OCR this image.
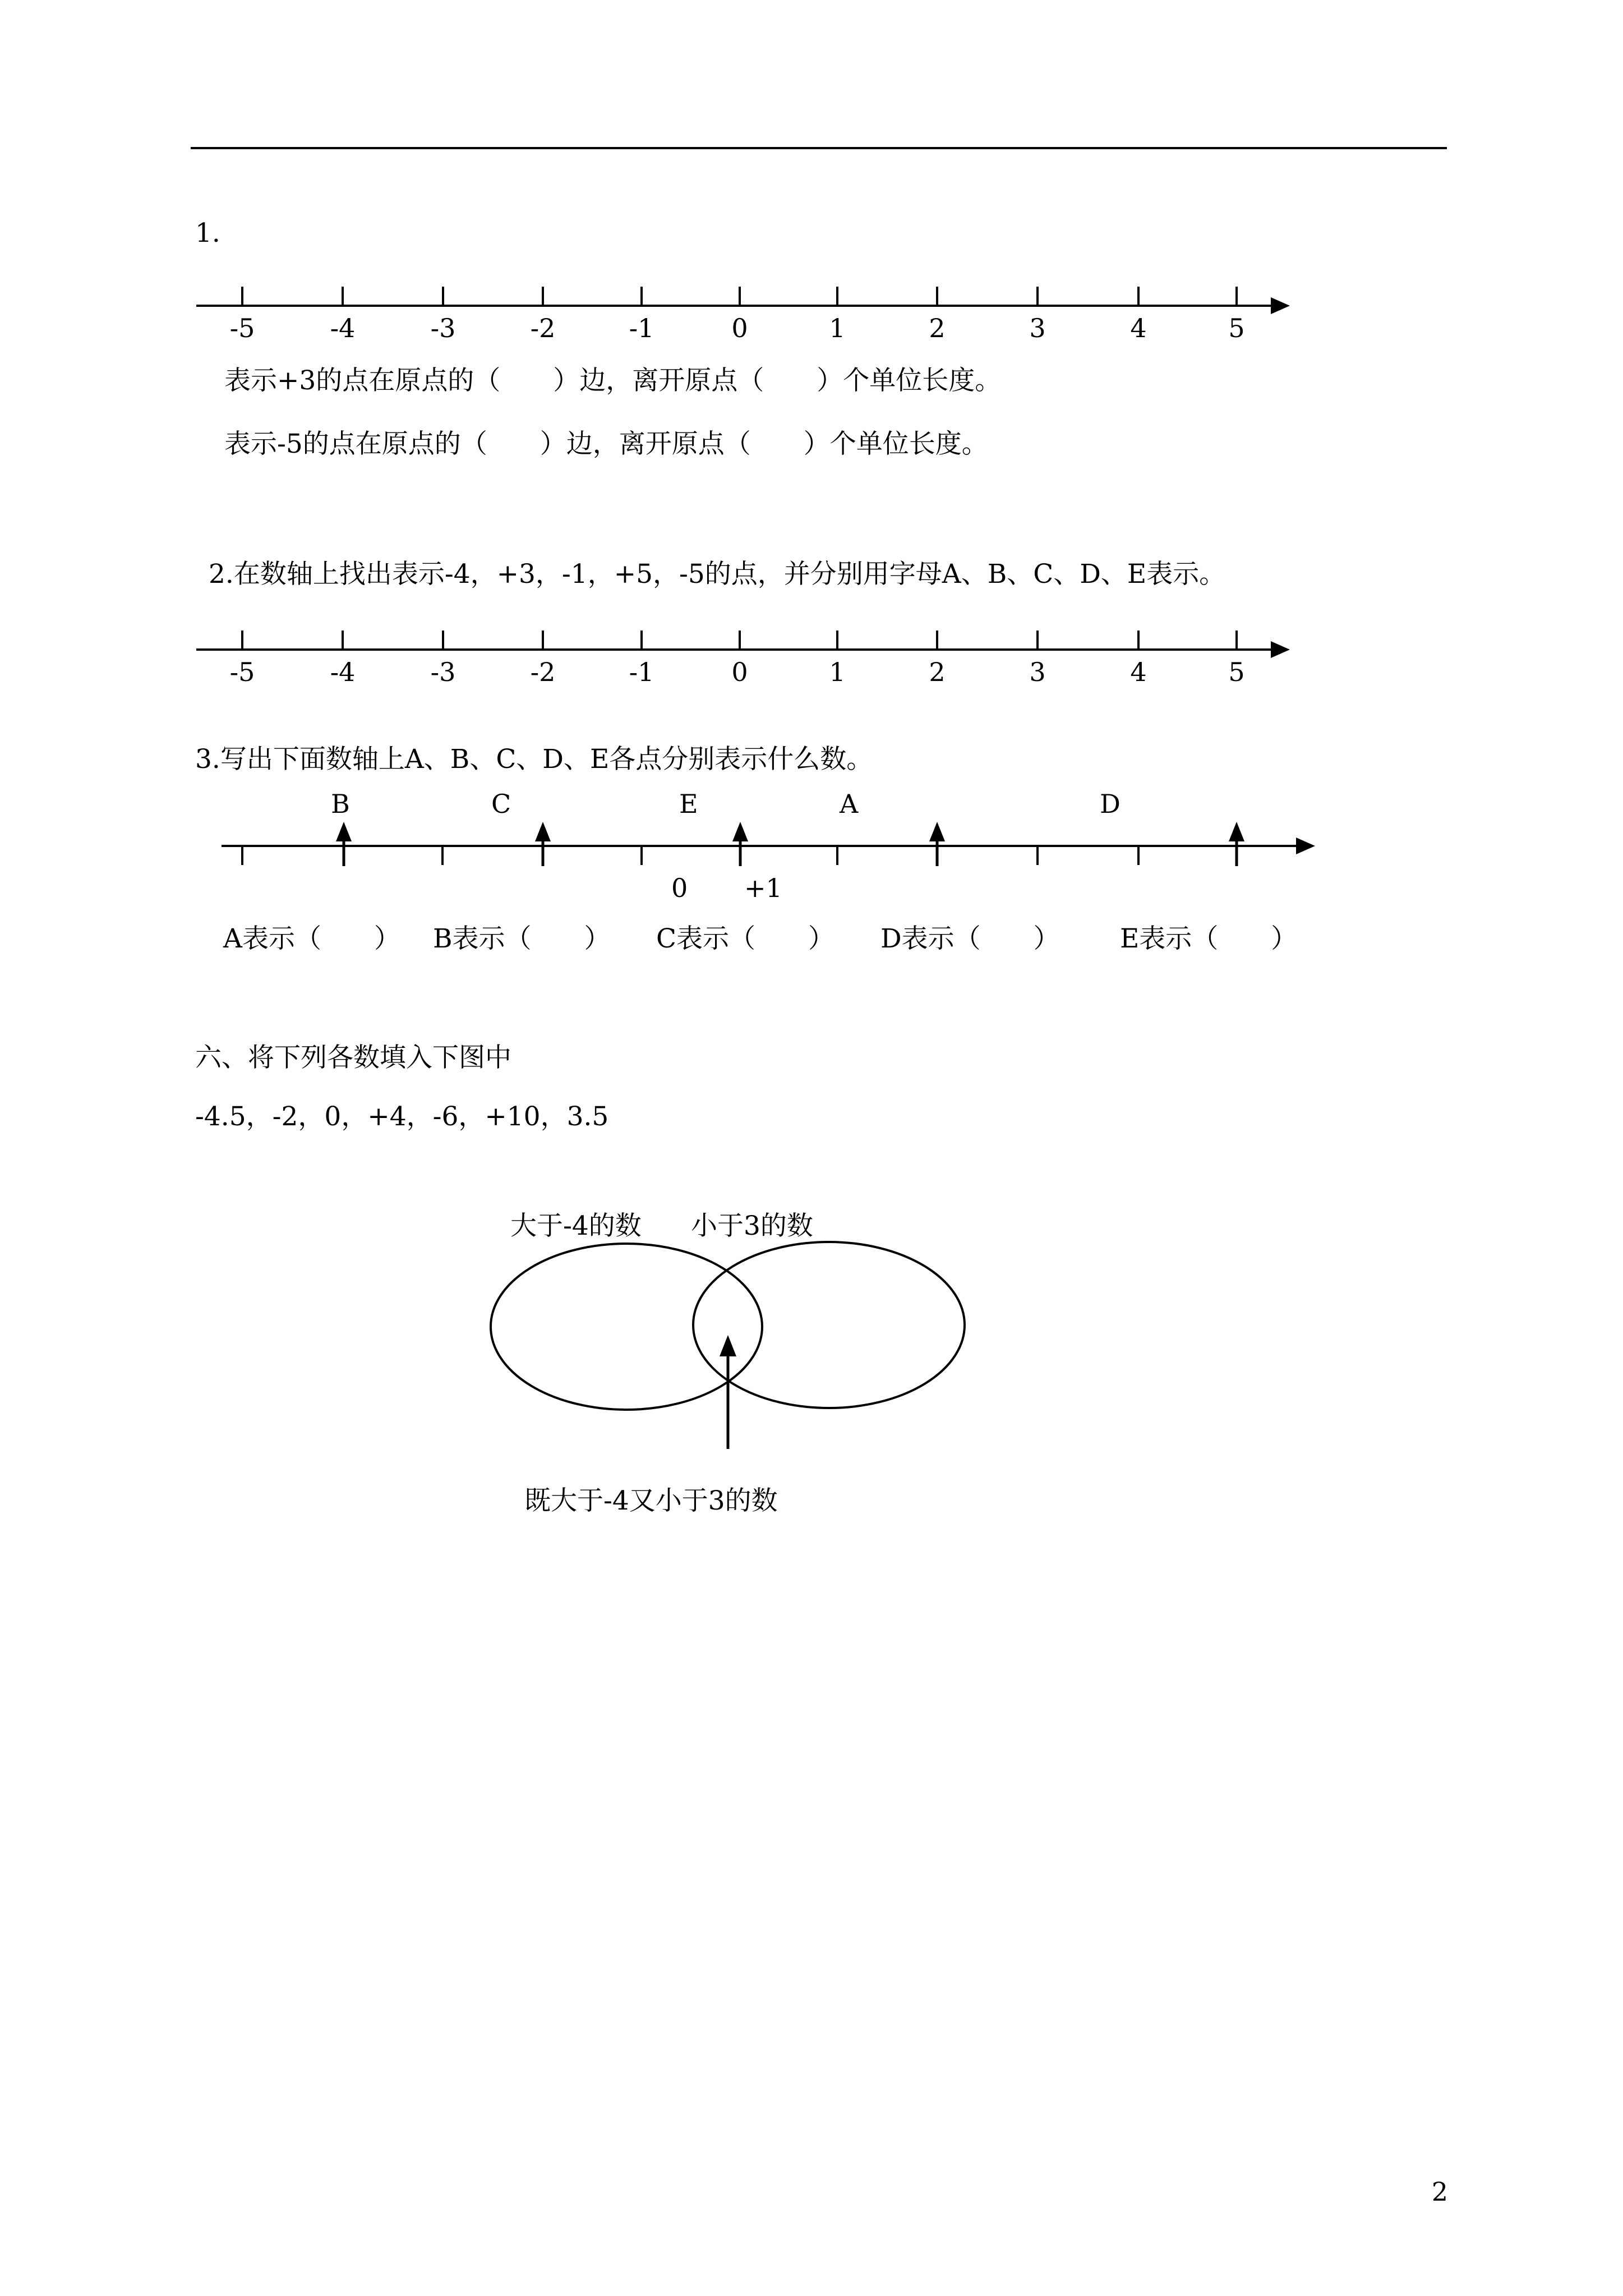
1.
-5	-4	-3	-2	-1	0	1	2	3	4	5
表示+3的点在原点的（　　）边，离开原点（　　）个单位长度。
表示-5的点在原点的（　　）边，离开原点（　　）个单位长度。
2.在数轴上找出表示-4，+3，-1，+5，-5的点，并分别用字母A、B、C、D、E表示。
-5	-4	-3	-2	-1	0	1	2	3	4	5
3.写出下面数轴上A、B、C、D、E各点分别表示什么数。
B	C	E	A	D
0 +1
A表示（　　） B表示（　　） C表示（　　） D表示（　　） E表示（　　）
六、将下列各数填入下图中
-4.5，-2，0，+4，-6，+10，3.5
大于-4的数 小于3的数
既大于-4又小于3的数
2
